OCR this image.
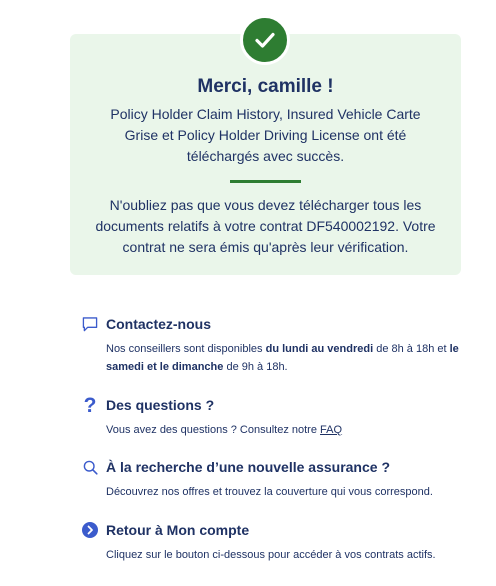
Merci, camille !
Policy Holder Claim History, Insured Vehicle Carte Grise et Policy Holder Driving License ont été téléchargés avec succès.
N'oubliez pas que vous devez télécharger tous les documents relatifs à votre contrat DF540002192. Votre contrat ne sera émis qu'après leur vérification.
Contactez-nous
Nos conseillers sont disponibles du lundi au vendredi de 8h à 18h et le samedi et le dimanche de 9h à 18h.
? Des questions ?
Vous avez des questions ? Consultez notre FAQ
À la recherche d’une nouvelle assurance ?
Découvrez nos offres et trouvez la couverture qui vous correspond.
Retour à Mon compte
Cliquez sur le bouton ci-dessous pour accéder à vos contrats actifs.
